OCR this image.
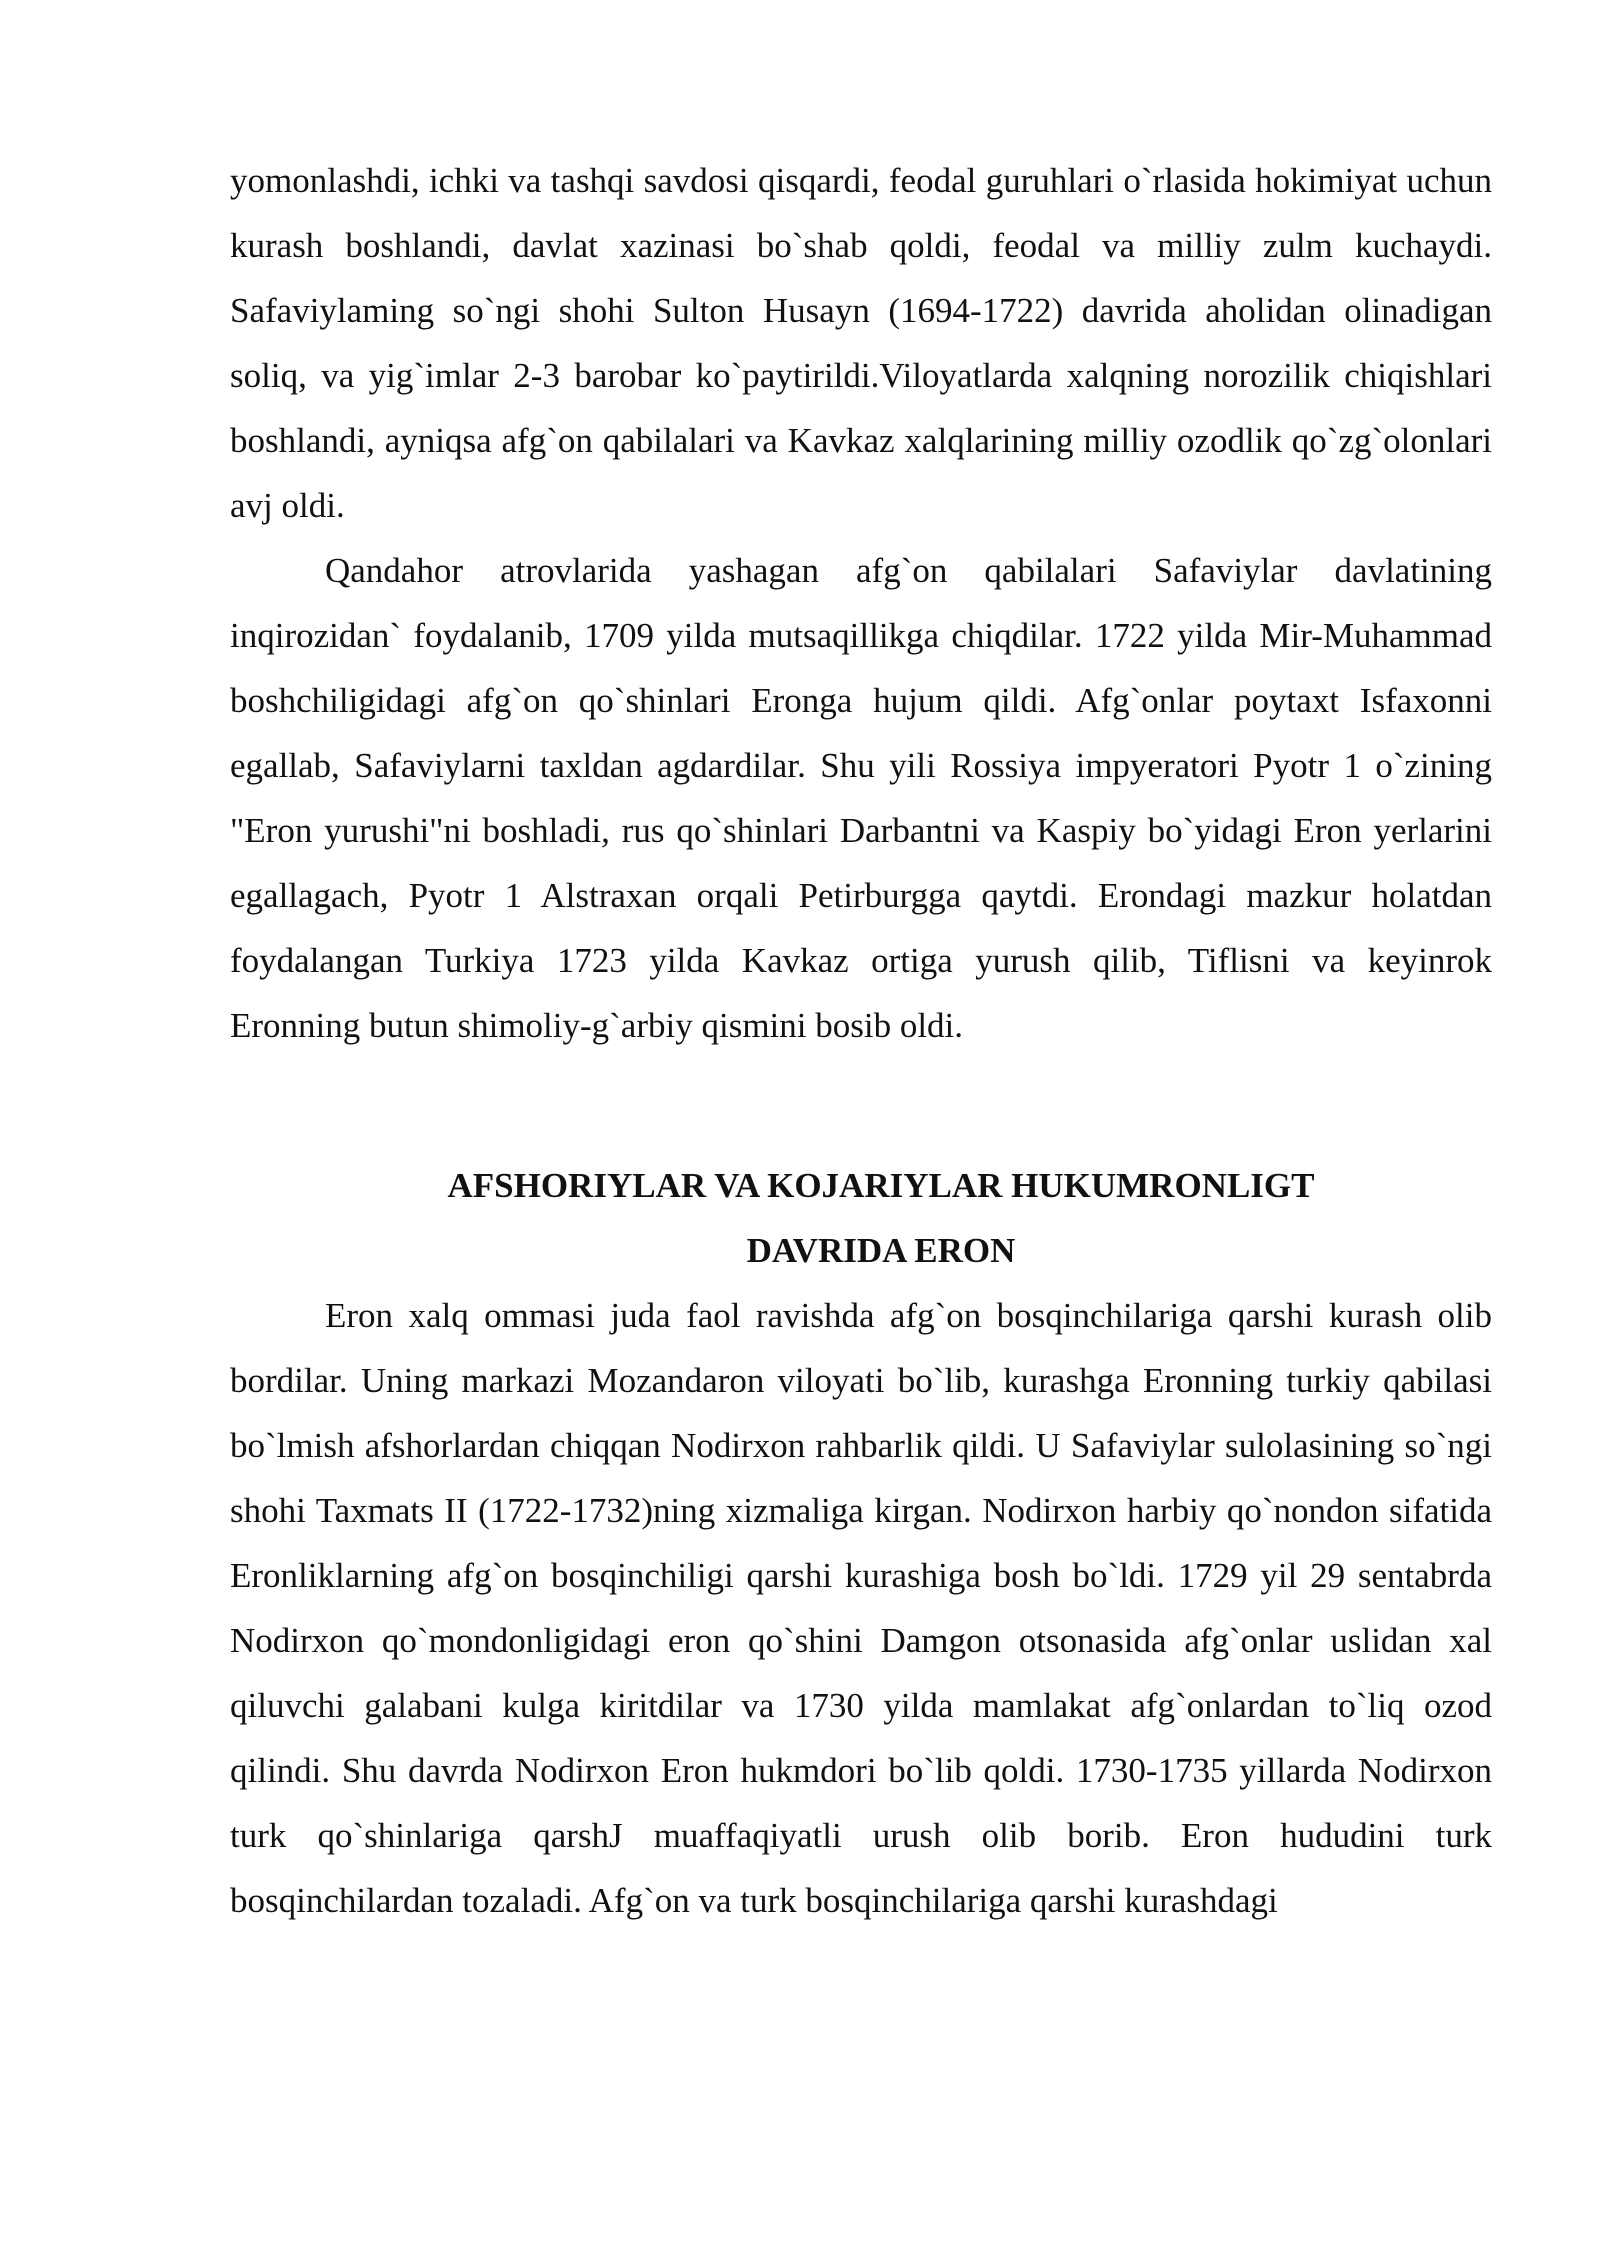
yomonlashdi, ichki va tashqi savdosi qisqardi, feodal guruhlari o`rlasida hokimiyat uchun kurash boshlandi, davlat xazinasi bo`shab qoldi, feodal va milliy zulm kuchaydi. Safaviylaming so`ngi shohi Sulton Husayn (1694-1722) davrida aholidan olinadigan soliq, va yig`imlar 2-3 barobar ko`paytirildi.Viloyatlarda xalqning norozilik chiqishlari boshlandi, ayniqsa afg`on qabilalari va Kavkaz xalqlarining milliy ozodlik qo`zg`olonlari avj oldi.

Qandahor atrovlarida yashagan afg`on qabilalari Safaviylar davlatining inqirozidan` foydalanib, 1709 yilda mutsaqillikga chiqdilar. 1722 yilda Mir-Muhammad boshchiligidagi afg`on qo`shinlari Eronga hujum qildi. Afg`onlar poytaxt Isfaxonni egallab, Safaviylarni taxldan agdardilar. Shu yili Rossiya impyeratori Pyotr 1 o`zining "Eron yurushi"ni boshladi, rus qo`shinlari Darbantni va Kaspiy bo`yidagi Eron yerlarini egallagach, Pyotr 1 Alstraxan orqali Petirburgga qaytdi. Erondagi mazkur holatdan foydalangan Turkiya 1723 yilda Kavkaz ortiga yurush qilib, Tiflisni va keyinrok Eronning butun shimoliy-g`arbiy qismini bosib oldi.

AFSHORIYLAR VA KOJARIYLAR HUKUMRONLIGT

DAVRIDA ERON

Eron xalq ommasi juda faol ravishda afg`on bosqinchilariga qarshi kurash olib bordilar. Uning markazi Mozandaron viloyati bo`lib, kurashga Eronning turkiy qabilasi bo`lmish afshorlardan chiqqan Nodirxon rahbarlik qildi. U Safaviylar sulolasining so`ngi shohi Taxmats II (1722-1732)ning xizmaliga kirgan. Nodirxon harbiy qo`nondon sifatida Eronliklarning afg`on bosqinchiligi qarshi kurashiga bosh bo`ldi. 1729 yil 29 sentabrda Nodirxon qo`mondonligidagi eron qo`shini Damgon otsonasida afg`onlar uslidan xal qiluvchi galabani kulga kiritdilar va 1730 yilda mamlakat afg`onlardan to`liq ozod qilindi. Shu davrda Nodirxon Eron hukmdori bo`lib qoldi. 1730-1735 yillarda Nodirxon turk qo`shinlariga qarshJ muaffaqiyatli urush olib borib. Eron hududini turk bosqinchilardan tozaladi. Afg`on va turk bosqinchilariga qarshi kurashdagi
